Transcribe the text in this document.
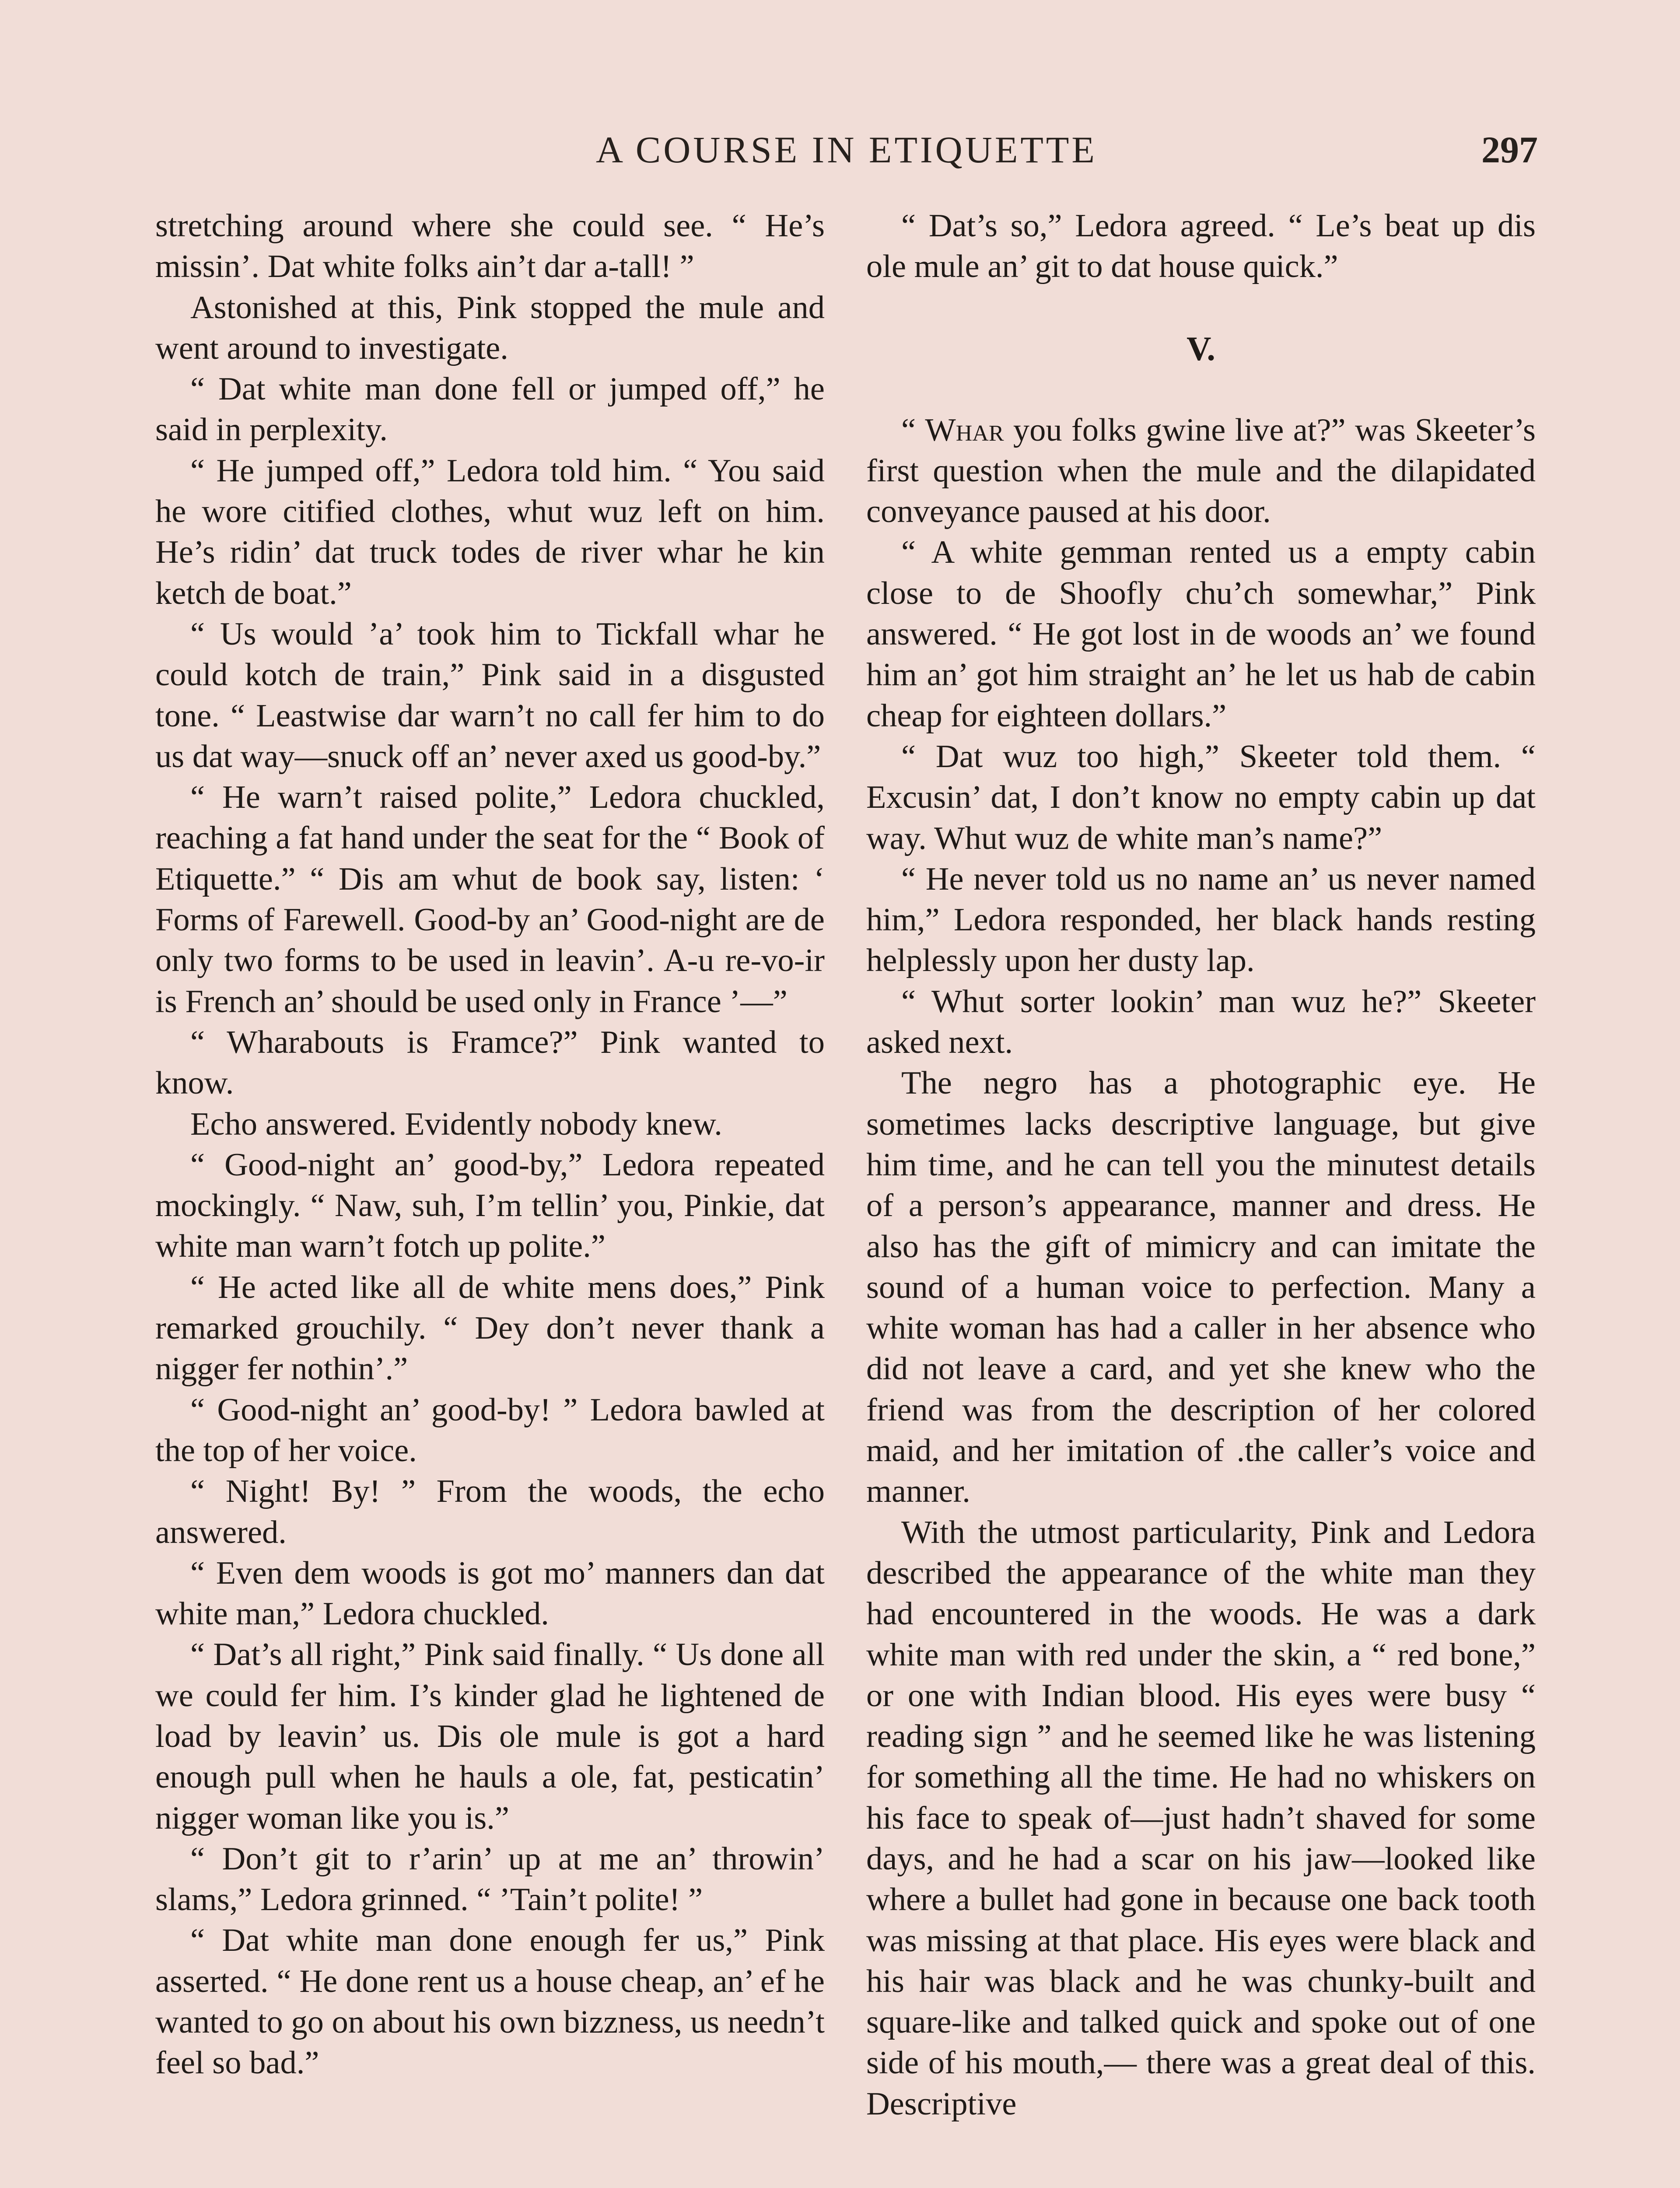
A COURSE IN ETIQUETTE	297

stretching around where she could see. “ He’s missin’. Dat white folks ain’t dar a-tall! ”

Astonished at this, Pink stopped the mule and went around to investigate.

“ Dat white man done fell or jumped off,” he said in perplexity.

“ He jumped off,” Ledora told him. “ You said he wore citified clothes, whut wuz left on him. He’s ridin’ dat truck todes de river whar he kin ketch de boat.”

“ Us would ’a’ took him to Tickfall whar he could kotch de train,” Pink said in a disgusted tone. “ Leastwise dar warn’t no call fer him to do us dat way—snuck off an’ never axed us good-by.”

“ He warn’t raised polite,” Ledora chuckled, reaching a fat hand under the seat for the “ Book of Etiquette.” “ Dis am whut de book say, listen: ‘ Forms of Farewell. Good-by an’ Good-night are de only two forms to be used in leavin’. A-u re-vo-ir is French an’ should be used only in France ’—”

“ Wharabouts is Framce?” Pink wanted to know.

Echo answered. Evidently nobody knew.

“ Good-night an’ good-by,” Ledora repeated mockingly. “ Naw, suh, I’m tellin’ you, Pinkie, dat white man warn’t fotch up polite.”

“ He acted like all de white mens does,” Pink remarked grouchily. “ Dey don’t never thank a nigger fer nothin’.”

“ Good-night an’ good-by! ” Ledora bawled at the top of her voice.

“ Night! By! ” From the woods, the echo answered.

“ Even dem woods is got mo’ manners dan dat white man,” Ledora chuckled.

“ Dat’s all right,” Pink said finally. “ Us done all we could fer him. I’s kinder glad he lightened de load by leavin’ us. Dis ole mule is got a hard enough pull when he hauls a ole, fat, pesticatin’ nigger woman like you is.”

“ Don’t git to r’arin’ up at me an’ throwin’ slams,” Ledora grinned. “ ’Tain’t polite! ”

“ Dat white man done enough fer us,” Pink asserted. “ He done rent us a house cheap, an’ ef he wanted to go on about his own bizzness, us needn’t feel so bad.”

“ Dat’s so,” Ledora agreed. “ Le’s beat up dis ole mule an’ git to dat house quick.”

V.

“ Whar you folks gwine live at?” was Skeeter’s first question when the mule and the dilapidated conveyance paused at his door.

“ A white gemman rented us a empty cabin close to de Shoofly chu’ch somewhar,” Pink answered. “ He got lost in de woods an’ we found him an’ got him straight an’ he let us hab de cabin cheap for eighteen dollars.”

“ Dat wuz too high,” Skeeter told them. “ Excusin’ dat, I don’t know no empty cabin up dat way. Whut wuz de white man’s name?”

“ He never told us no name an’ us never named him,” Ledora responded, her black hands resting helplessly upon her dusty lap.

“ Whut sorter lookin’ man wuz he?” Skeeter asked next.

The negro has a photographic eye. He sometimes lacks descriptive language, but give him time, and he can tell you the minutest details of a person’s appearance, manner and dress. He also has the gift of mimicry and can imitate the sound of a human voice to perfection. Many a white woman has had a caller in her absence who did not leave a card, and yet she knew who the friend was from the description of her colored maid, and her imitation of .the caller’s voice and manner.

With the utmost particularity, Pink and Ledora described the appearance of the white man they had encountered in the woods. He was a dark white man with red under the skin, a “ red bone,” or one with Indian blood. His eyes were busy “ reading sign ” and he seemed like he was listening for something all the time. He had no whiskers on his face to speak of—just hadn’t shaved for some days, and he had a scar on his jaw—looked like where a bullet had gone in because one back tooth was missing at that place. His eyes were black and his hair was black and he was chunky-built and square-like and talked quick and spoke out of one side of his mouth,— there was a great deal of this. Descriptive
